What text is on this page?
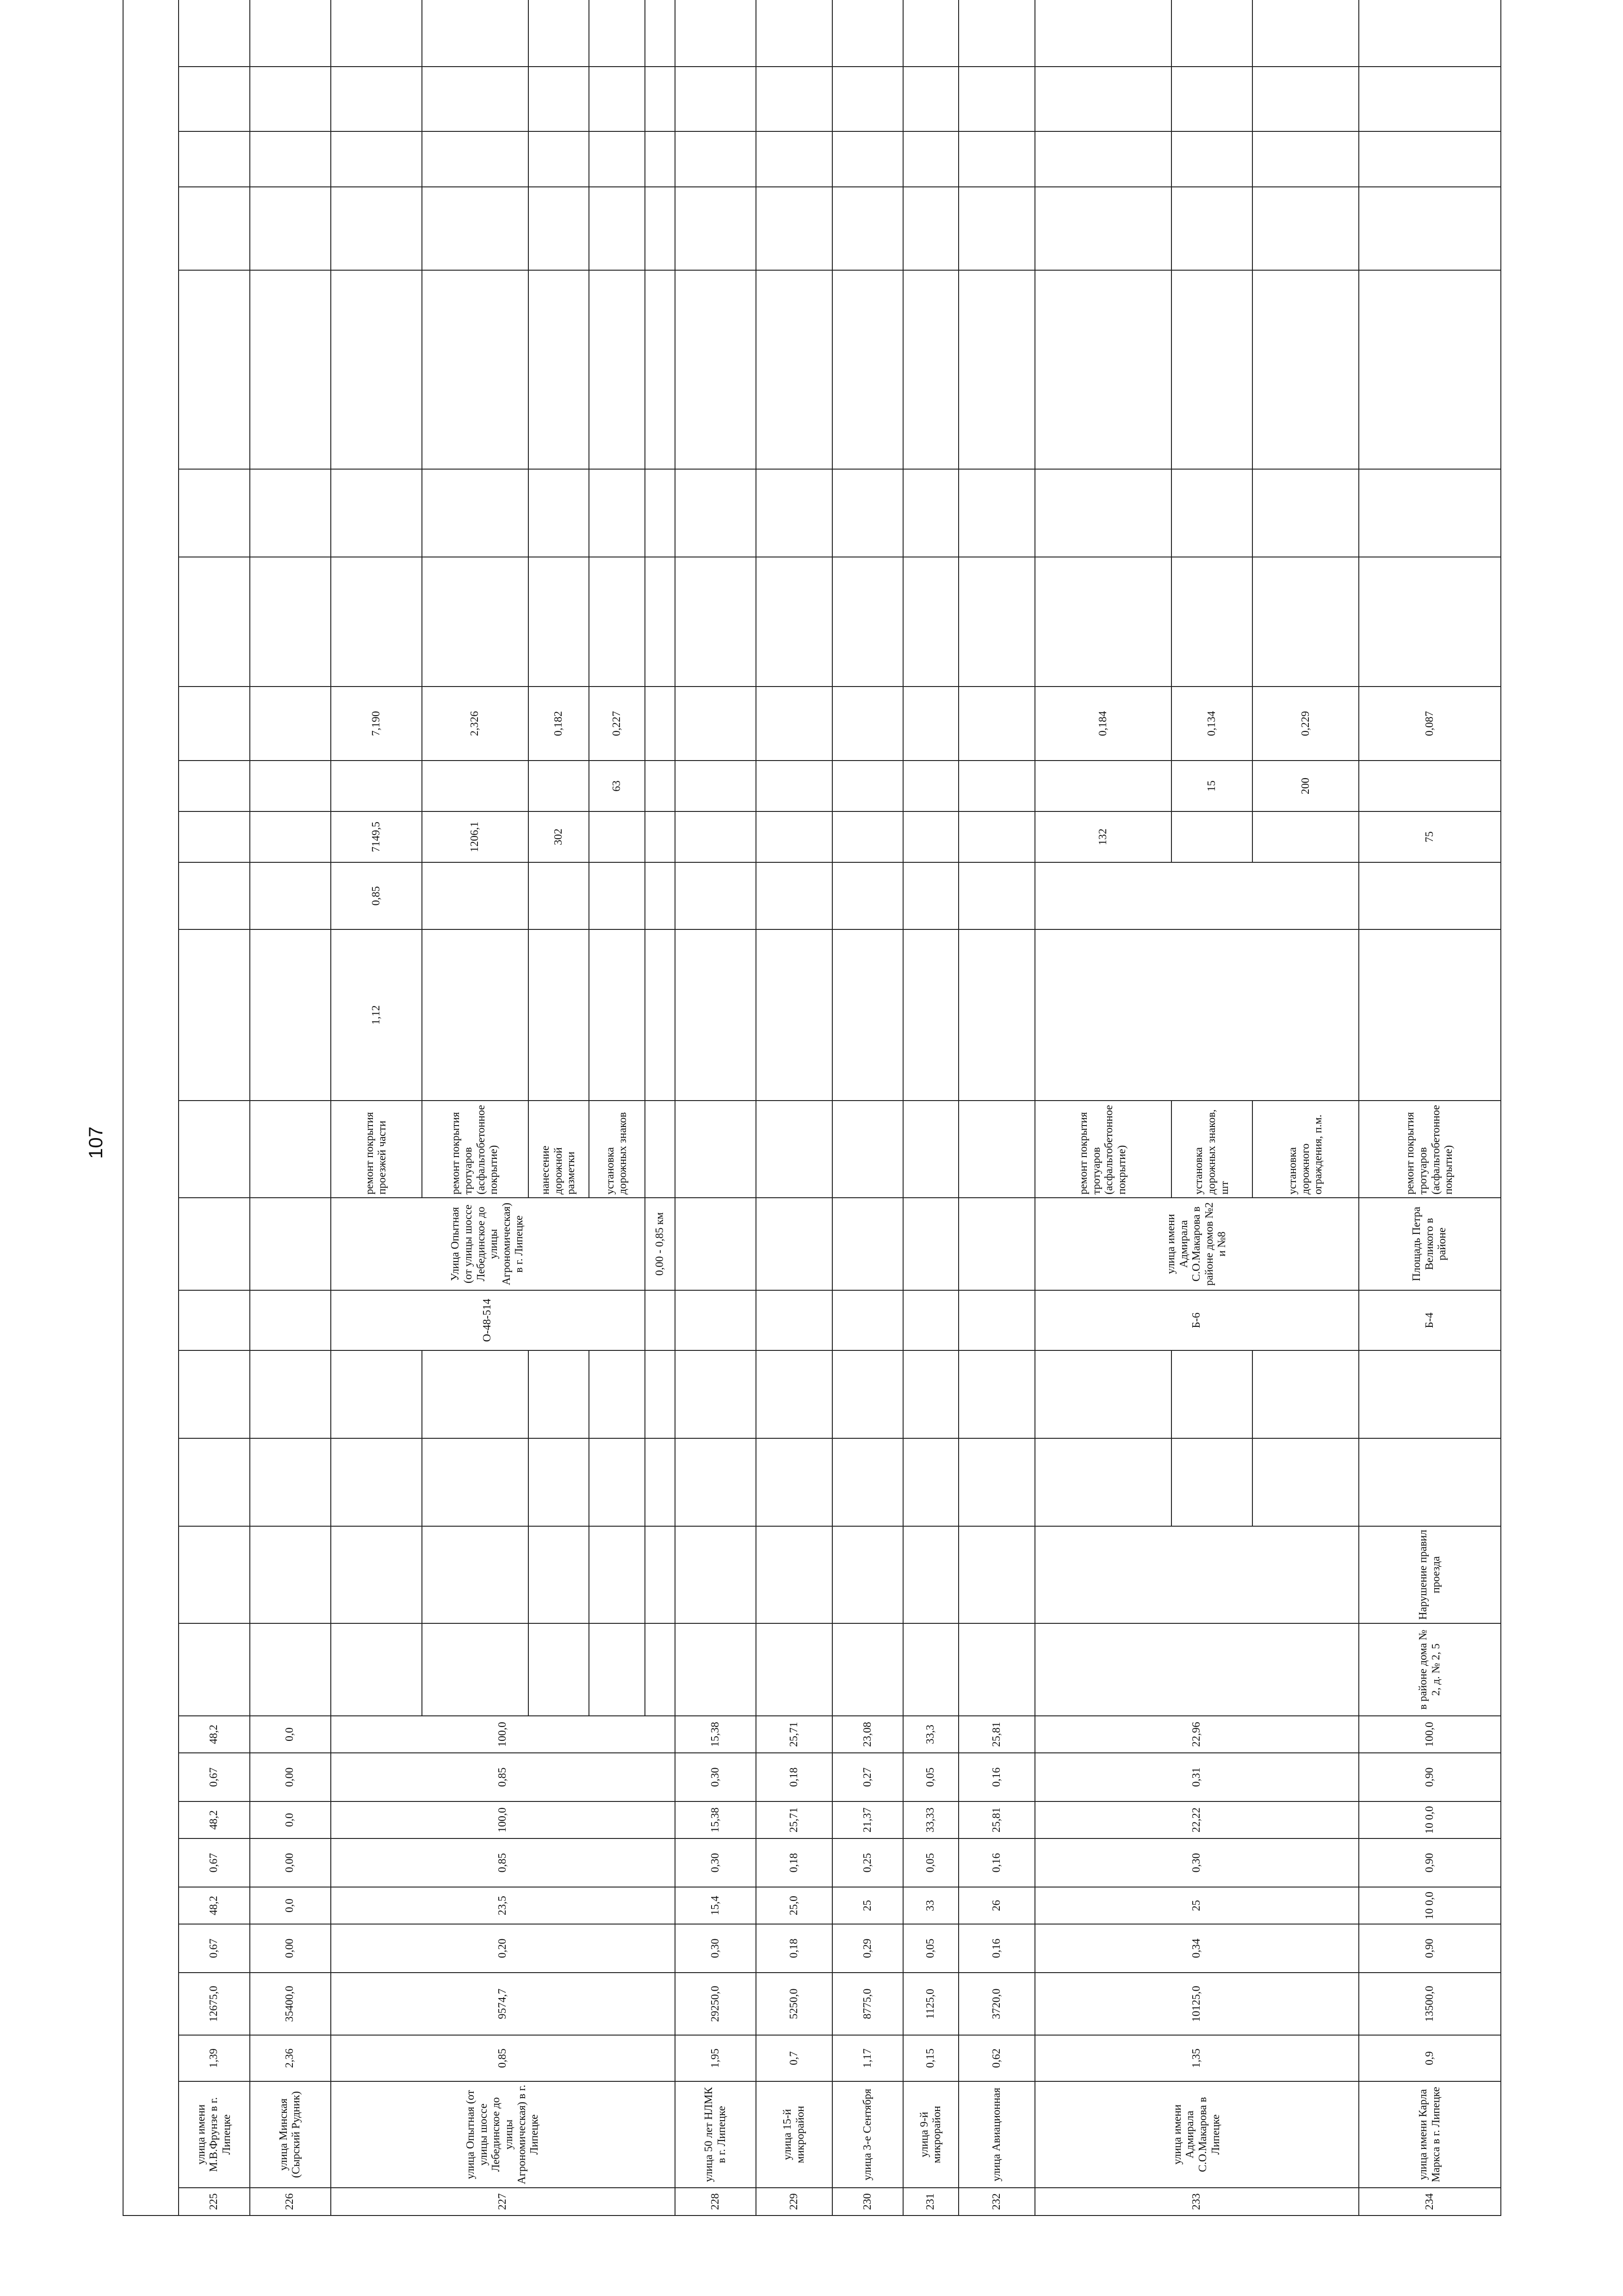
107

225	улица имени М.В.Фрунзе в г. Липецке	1,39	12675,0	0,67	48,2	0,67	48,2	0,67	48,2																				
226	улица Минская (Сырский Рудник)	2,36	35400,0	0,00	0,0	0,00	0,0	0,00	0,0																				
227	улица Опытная (от улицы шоссе Лебединское до улицы Агрономическая) в г. Липецке	0,85	9574,7	0,20	23,5	0,85	100,0	0,85	100,0					О-48-514	Улица Опытная (от улицы шоссе Лебединское до улицы Агрономическая) в г. Липецке	ремонт покрытия проезжей части	1,12	0,85	7149,5		7,190								
																ремонт покрытия тротуаров (асфальтобетонное покрытие)			1206,1		2,326								
																нанесение дорожной разметки			302		0,182								
																установка дорожных знаков				63	0,227								
															0,00 - 0,85 км														
228	улица 50 лет НЛМК в г. Липецке	1,95	29250,0	0,30	15,4	0,30	15,38	0,30	15,38																				
229	улица 15-й микрорайон	0,7	5250,0	0,18	25,0	0,18	25,71	0,18	25,71																				
230	улица 3-е Сентября	1,17	8775,0	0,29	25	0,25	21,37	0,27	23,08																				
231	улица 9-й микрорайон	0,15	1125,0	0,05	33	0,05	33,33	0,05	33,3																				
232	улица Авиационная	0,62	3720,0	0,16	26	0,16	25,81	0,16	25,81																				
233	улица имени Адмирала С.О.Макарова в Липецке	1,35	10125,0	0,34	25	0,30	22,22	0,31	22,96					Б-6	улица имени Адмирала С.О.Макарова в районе домов №2 и №8	ремонт покрытия тротуаров (асфальтобетонное покрытие)			132		0,184								
																установка дорожных знаков, шт				15	0,134								
																установка дорожного ограждения, п.м.				200	0,229								
234	улица имени Карла Маркса в г. Липецке	0,9	13500,0	0,90	10 0,0	0,90	10 0,0	0,90	100,0	в районе дома № 2, д. № 2, 5	Нарушение правил проезда			Б-4	Площадь Петра Великого в районе	ремонт покрытия тротуаров (асфальтобетонное покрытие)			75		0,087								
